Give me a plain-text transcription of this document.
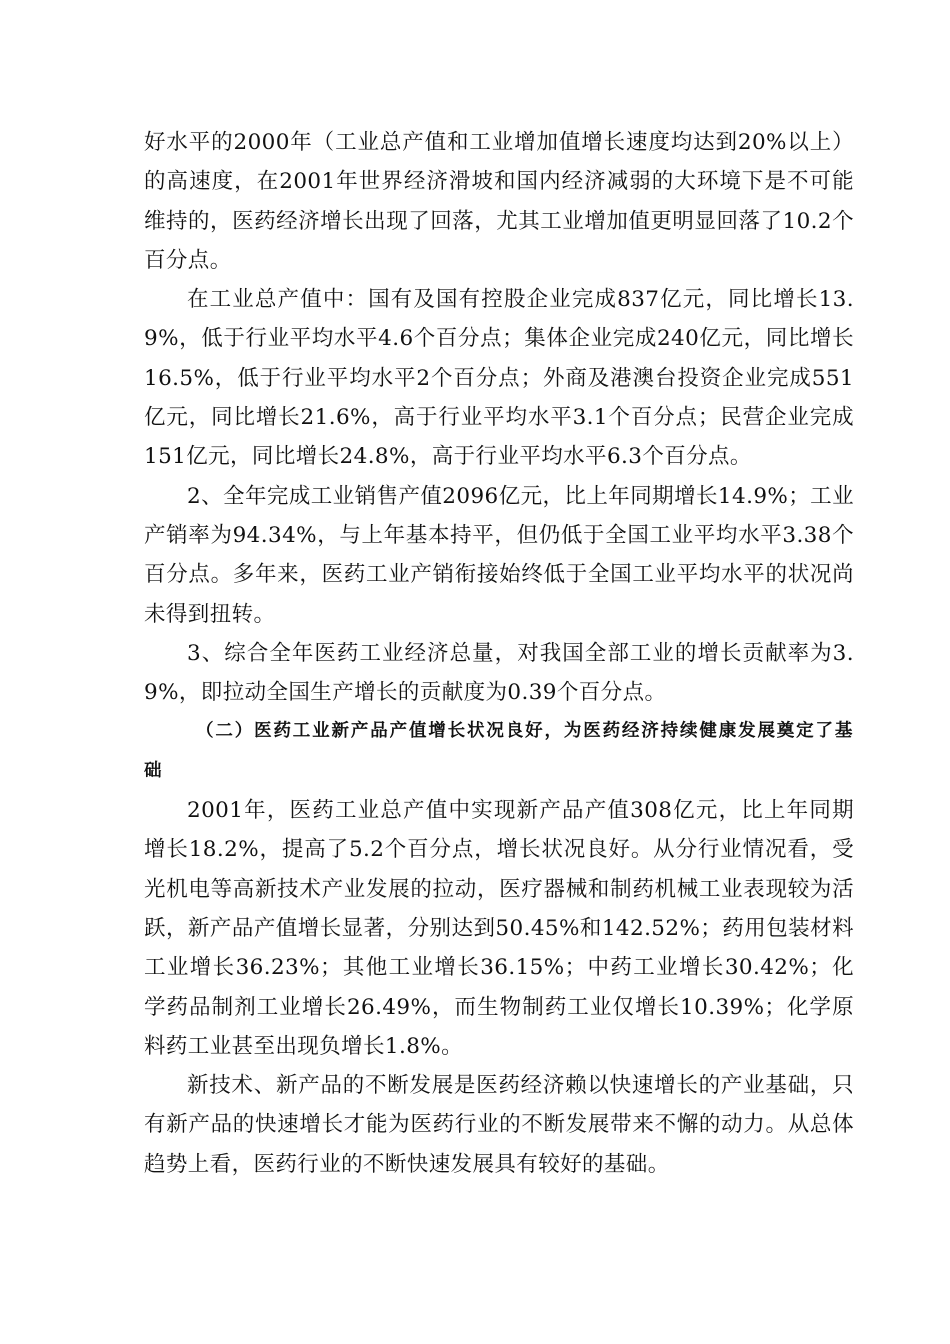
好水平的2000年（工业总产值和工业增加值增长速度均达到20%以上）的高速度，在2001年世界经济滑坡和国内经济减弱的大环境下是不可能维持的，医药经济增长出现了回落，尤其工业增加值更明显回落了10.2个百分点。

在工业总产值中：国有及国有控股企业完成837亿元，同比增长13.9%，低于行业平均水平4.6个百分点；集体企业完成240亿元，同比增长16.5%，低于行业平均水平2个百分点；外商及港澳台投资企业完成551亿元，同比增长21.6%，高于行业平均水平3.1个百分点；民营企业完成151亿元，同比增长24.8%，高于行业平均水平6.3个百分点。

2、全年完成工业销售产值2096亿元，比上年同期增长14.9%；工业产销率为94.34%，与上年基本持平，但仍低于全国工业平均水平3.38个百分点。多年来，医药工业产销衔接始终低于全国工业平均水平的状况尚未得到扭转。

3、综合全年医药工业经济总量，对我国全部工业的增长贡献率为3.9%，即拉动全国生产增长的贡献度为0.39个百分点。

（二）医药工业新产品产值增长状况良好，为医药经济持续健康发展奠定了基础

2001年，医药工业总产值中实现新产品产值308亿元，比上年同期增长18.2%，提高了5.2个百分点，增长状况良好。从分行业情况看，受光机电等高新技术产业发展的拉动，医疗器械和制药机械工业表现较为活跃，新产品产值增长显著，分别达到50.45%和142.52%；药用包装材料工业增长36.23%；其他工业增长36.15%；中药工业增长30.42%；化学药品制剂工业增长26.49%，而生物制药工业仅增长10.39%；化学原料药工业甚至出现负增长1.8%。

新技术、新产品的不断发展是医药经济赖以快速增长的产业基础，只有新产品的快速增长才能为医药行业的不断发展带来不懈的动力。从总体趋势上看，医药行业的不断快速发展具有较好的基础。
